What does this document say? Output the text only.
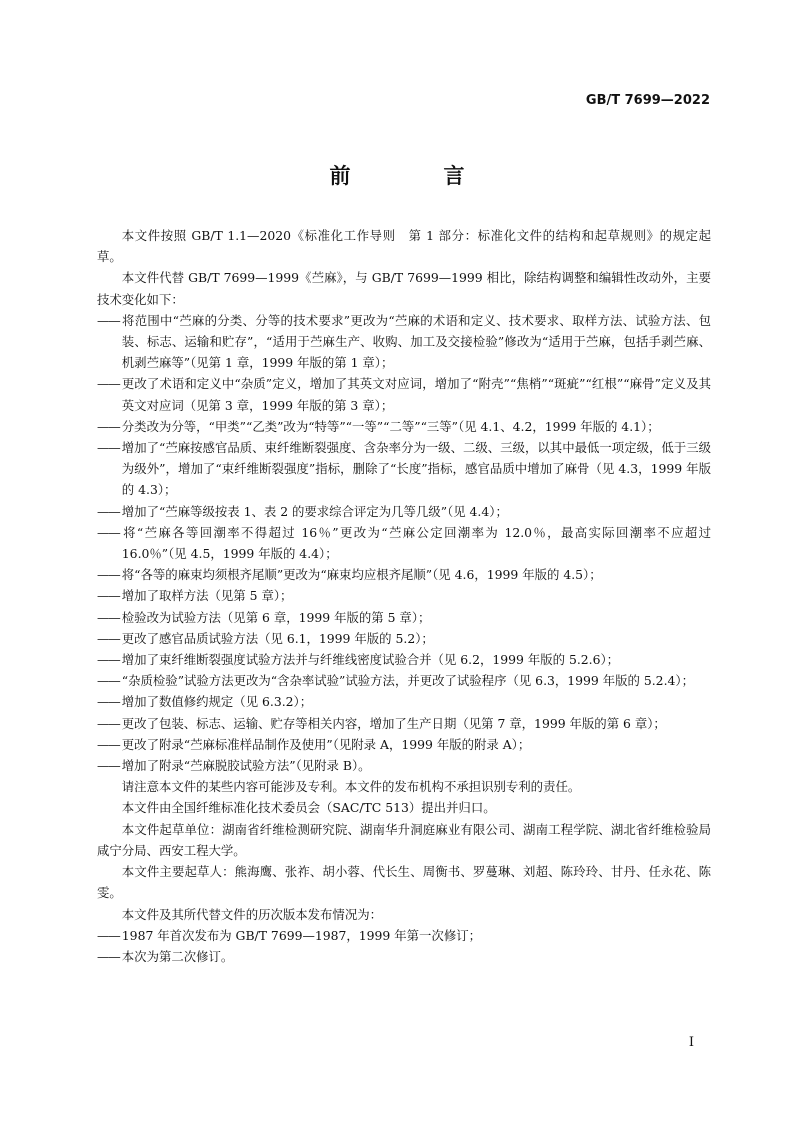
GB/T 7699—2022
前　言

本文件按照 GB/T 1.1—2020《标准化工作导则　第 1 部分：标准化文件的结构和起草规则》的规定起草。

本文件代替 GB/T 7699—1999《苎麻》，与 GB/T 7699—1999 相比，除结构调整和编辑性改动外，主要技术变化如下：

—— 将范围中“苎麻的分类、分等的技术要求”更改为“苎麻的术语和定义、技术要求、取样方法、试验方法、包装、标志、运输和贮存”，“适用于苎麻生产、收购、加工及交接检验”修改为“适用于苎麻，包括手剥苎麻、机剥苎麻等”（见第 1 章，1999 年版的第 1 章）；

—— 更改了术语和定义中“杂质”定义，增加了其英文对应词，增加了“附壳”“焦梢”“斑疵”“红根”“麻骨”定义及其英文对应词（见第 3 章，1999 年版的第 3 章）；

—— 分类改为分等，“甲类”“乙类”改为“特等”“一等”“二等”“三等”（见 4.1、4.2，1999 年版的 4.1）；

—— 增加了“苎麻按感官品质、束纤维断裂强度、含杂率分为一级、二级、三级，以其中最低一项定级，低于三级为级外”，增加了“束纤维断裂强度”指标，删除了“长度”指标，感官品质中增加了麻骨（见 4.3，1999 年版的 4.3）；

—— 增加了“苎麻等级按表 1、表 2 的要求综合评定为几等几级”（见 4.4）；

—— 将“苎麻各等回潮率不得超过 16％”更改为“苎麻公定回潮率为 12.0％，最高实际回潮率不应超过 16.0％”（见 4.5，1999 年版的 4.4）；

—— 将“各等的麻束均须根齐尾顺”更改为“麻束均应根齐尾顺”（见 4.6，1999 年版的 4.5）；

—— 增加了取样方法（见第 5 章）；

—— 检验改为试验方法（见第 6 章，1999 年版的第 5 章）；

—— 更改了感官品质试验方法（见 6.1，1999 年版的 5.2）；

—— 增加了束纤维断裂强度试验方法并与纤维线密度试验合并（见 6.2，1999 年版的 5.2.6）；

—— “杂质检验”试验方法更改为“含杂率试验”试验方法，并更改了试验程序（见 6.3，1999 年版的 5.2.4）；

—— 增加了数值修约规定（见 6.3.2）；

—— 更改了包装、标志、运输、贮存等相关内容，增加了生产日期（见第 7 章，1999 年版的第 6 章）；

—— 更改了附录“苎麻标准样品制作及使用”（见附录 A，1999 年版的附录 A）；

—— 增加了附录“苎麻脱胶试验方法”（见附录 B）。

请注意本文件的某些内容可能涉及专利。本文件的发布机构不承担识别专利的责任。

本文件由全国纤维标准化技术委员会（SAC/TC 513）提出并归口。

本文件起草单位：湖南省纤维检测研究院、湖南华升洞庭麻业有限公司、湖南工程学院、湖北省纤维检验局咸宁分局、西安工程大学。

本文件主要起草人：熊海鹰、张祚、胡小蓉、代长生、周衡书、罗蔓琳、刘超、陈玲玲、甘丹、任永花、陈雯。

本文件及其所代替文件的历次版本发布情况为：

—— 1987 年首次发布为 GB/T 7699—1987，1999 年第一次修订；

—— 本次为第二次修订。

I
